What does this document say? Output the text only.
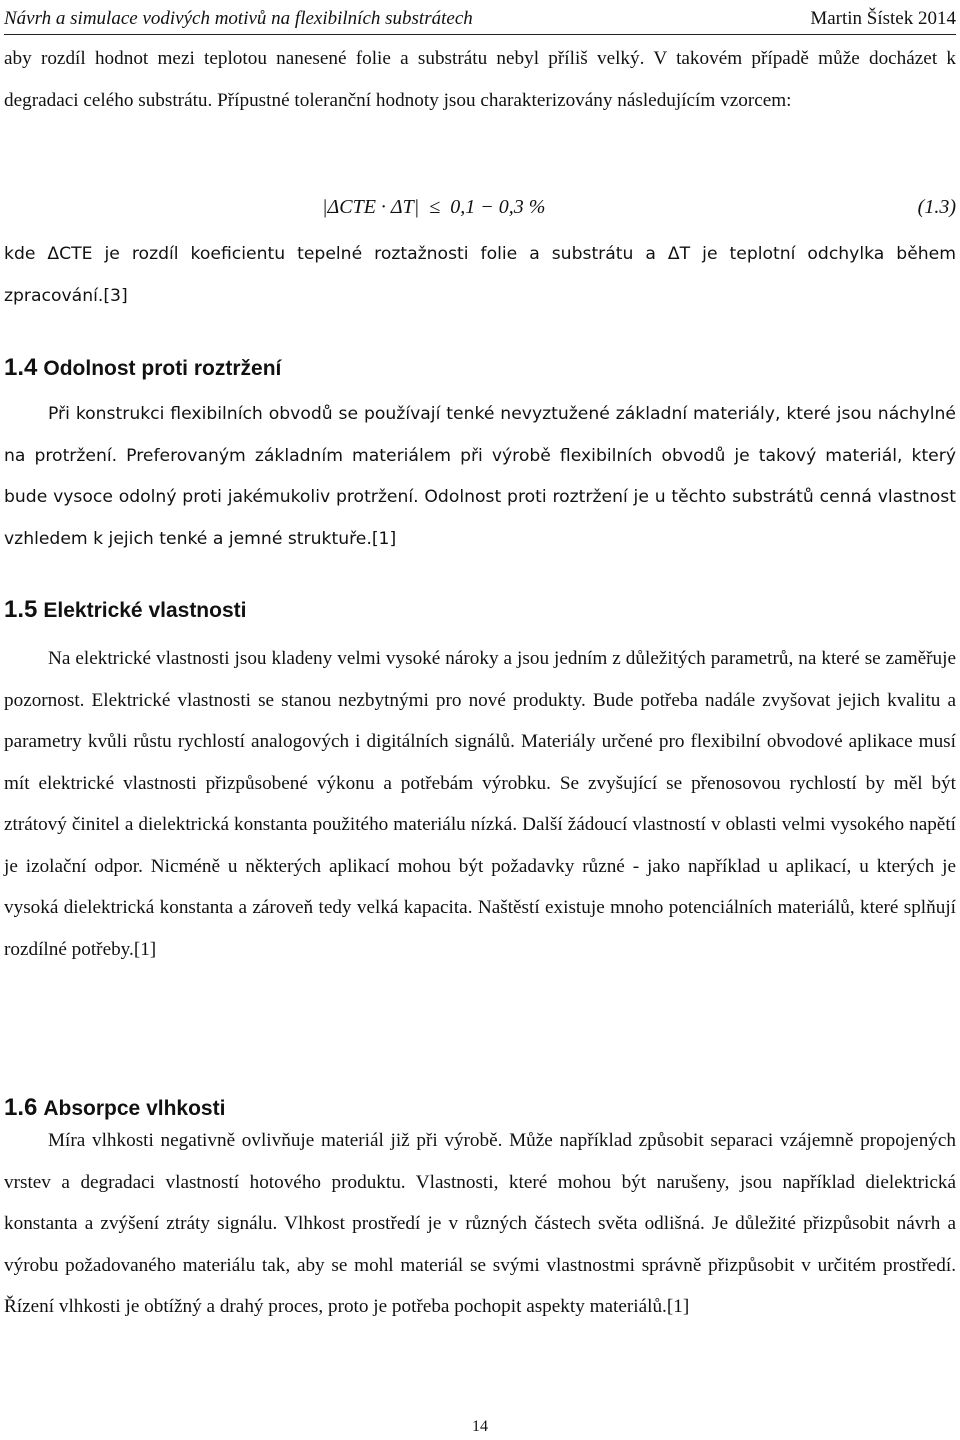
Návrh a simulace vodivých motivů na flexibilních substrátech	Martin Šístek 2014

aby rozdíl hodnot mezi teplotou nanesené folie a substrátu nebyl příliš velký. V takovém případě může docházet k degradaci celého substrátu. Přípustné toleranční hodnoty jsou charakterizovány následujícím vzorcem:

|ΔCTE · ΔT|  ≤  0,1 − 0,3 %	(1.3)

kde ΔCTE je rozdíl koeficientu tepelné roztažnosti folie a substrátu a ΔT je teplotní odchylka během zpracování.[3]

1.4 Odolnost proti roztržení

Při konstrukci flexibilních obvodů se používají tenké nevyztužené základní materiály, které jsou náchylné na protržení. Preferovaným základním materiálem při výrobě flexibilních obvodů je takový materiál, který bude vysoce odolný proti jakémukoliv protržení. Odolnost proti roztržení je u těchto substrátů cenná vlastnost vzhledem k jejich tenké a jemné struktuře.[1]

1.5 Elektrické vlastnosti

Na elektrické vlastnosti jsou kladeny velmi vysoké nároky a jsou jedním z důležitých parametrů, na které se zaměřuje pozornost. Elektrické vlastnosti se stanou nezbytnými pro nové produkty. Bude potřeba nadále zvyšovat jejich kvalitu a parametry kvůli růstu rychlostí analogových i digitálních signálů. Materiály určené pro flexibilní obvodové aplikace musí mít elektrické vlastnosti přizpůsobené výkonu a potřebám výrobku. Se zvyšující se přenosovou rychlostí by měl být ztrátový činitel a dielektrická konstanta použitého materiálu nízká. Další žádoucí vlastností v oblasti velmi vysokého napětí je izolační odpor. Nicméně u některých aplikací mohou být požadavky různé - jako například u aplikací, u kterých je vysoká dielektrická konstanta a zároveň tedy velká kapacita. Naštěstí existuje mnoho potenciálních materiálů, které splňují rozdílné potřeby.[1]

1.6 Absorpce vlhkosti

Míra vlhkosti negativně ovlivňuje materiál již při výrobě. Může například způsobit separaci vzájemně propojených vrstev a degradaci vlastností hotového produktu. Vlastnosti, které mohou být narušeny, jsou například dielektrická konstanta a zvýšení ztráty signálu. Vlhkost prostředí je v různých částech světa odlišná. Je důležité přizpůsobit návrh a výrobu požadovaného materiálu tak, aby se mohl materiál se svými vlastnostmi správně přizpůsobit v určitém prostředí. Řízení vlhkosti je obtížný a drahý proces, proto je potřeba pochopit aspekty materiálů.[1]

14
